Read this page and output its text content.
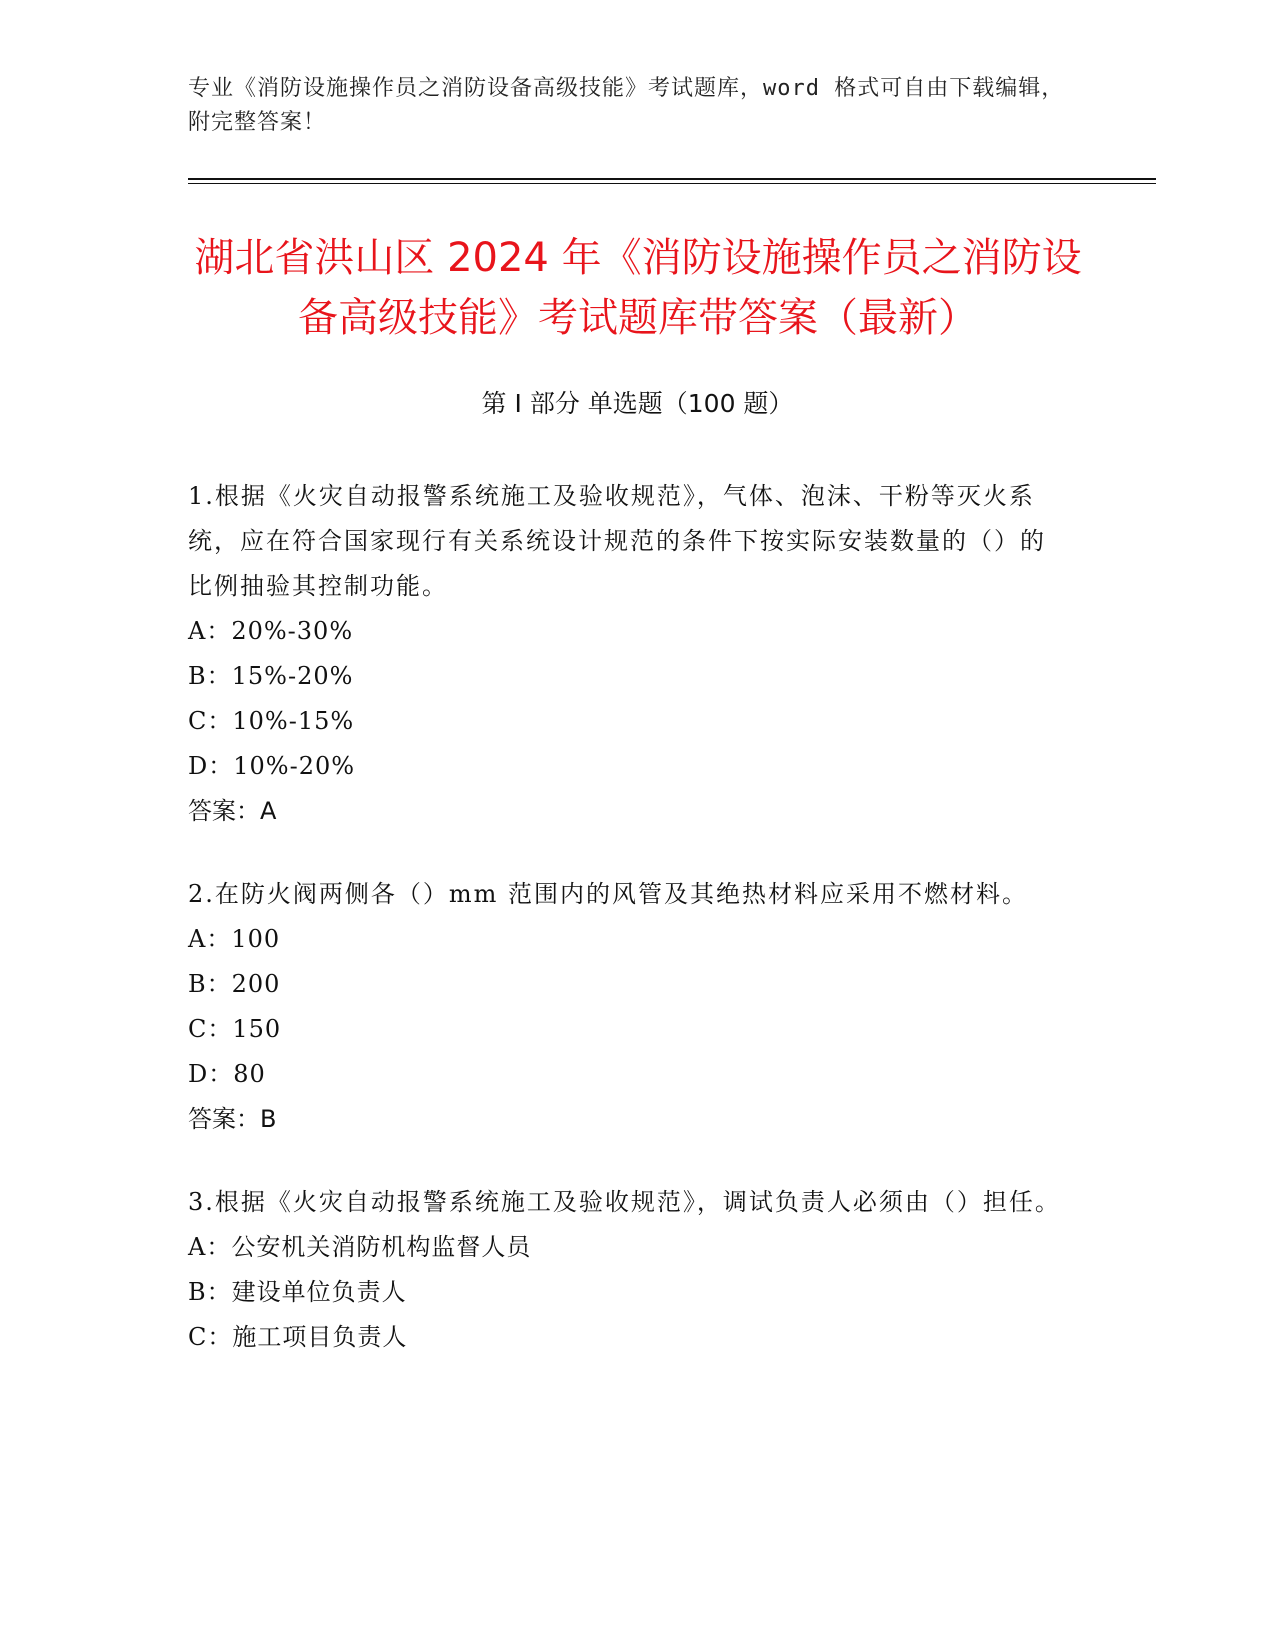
专业《消防设施操作员之消防设备高级技能》考试题库，word 格式可自由下载编辑，附完整答案！
湖北省洪山区 2024 年《消防设施操作员之消防设备高级技能》考试题库带答案（最新）
第 I 部分 单选题（100 题）

1.根据《火灾自动报警系统施工及验收规范》，气体、泡沫、干粉等灭火系统，应在符合国家现行有关系统设计规范的条件下按实际安装数量的（）的比例抽验其控制功能。

A：20%-30%

B：15%-20%

C：10%-15%

D：10%-20%

答案：A

2.在防火阀两侧各（）mm 范围内的风管及其绝热材料应采用不燃材料。

A：100

B：200

C：150

D：80

答案：B

3.根据《火灾自动报警系统施工及验收规范》，调试负责人必须由（）担任。

A：公安机关消防机构监督人员

B：建设单位负责人

C：施工项目负责人
